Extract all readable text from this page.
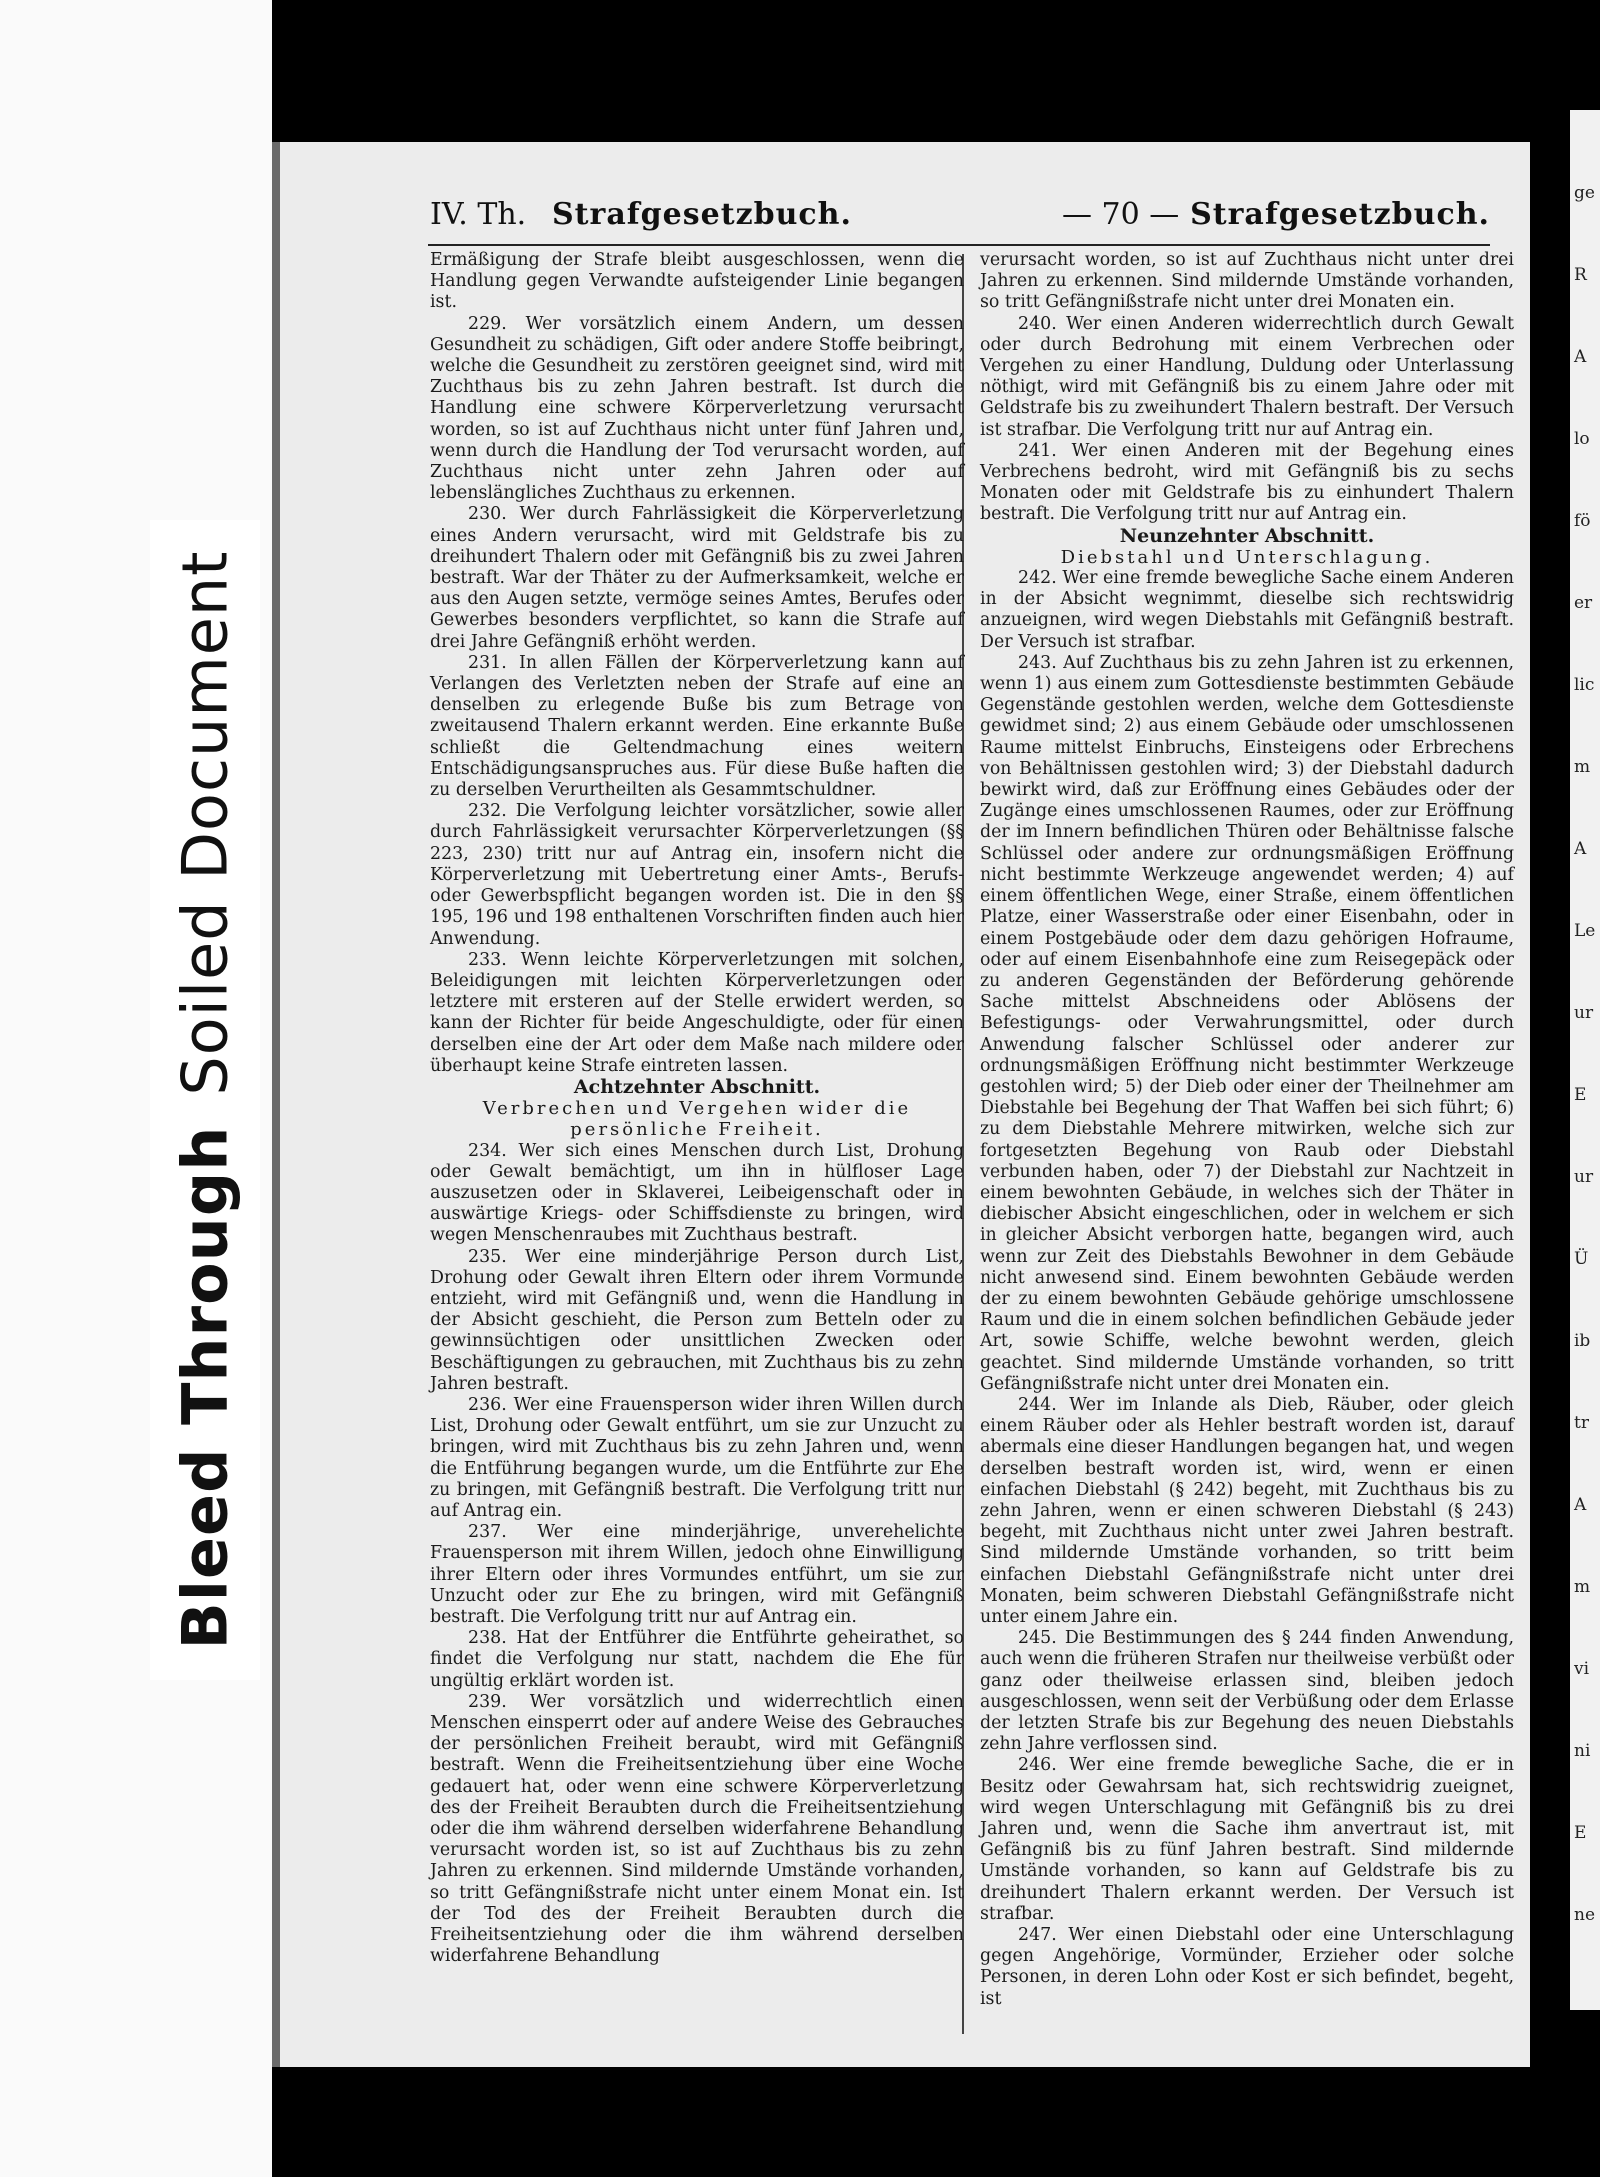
Bleed ThroughSoiled Document
IV. Th. Strafgesetzbuch.	— 70 — Strafgesetzbuch.

Ermäßigung der Strafe bleibt ausgeschlossen, wenn die Handlung gegen Verwandte aufsteigender Linie begangen ist.

229. Wer vorsätzlich einem Andern, um dessen Gesundheit zu schädigen, Gift oder andere Stoffe beibringt, welche die Gesundheit zu zerstören geeignet sind, wird mit Zuchthaus bis zu zehn Jahren bestraft. Ist durch die Handlung eine schwere Körperverletzung verursacht worden, so ist auf Zuchthaus nicht unter fünf Jahren und, wenn durch die Handlung der Tod verursacht worden, auf Zuchthaus nicht unter zehn Jahren oder auf lebenslängliches Zuchthaus zu erkennen.

230. Wer durch Fahrlässigkeit die Körperverletzung eines Andern verursacht, wird mit Geldstrafe bis zu dreihundert Thalern oder mit Gefängniß bis zu zwei Jahren bestraft. War der Thäter zu der Aufmerksamkeit, welche er aus den Augen setzte, vermöge seines Amtes, Berufes oder Gewerbes besonders verpflichtet, so kann die Strafe auf drei Jahre Gefängniß erhöht werden.

231. In allen Fällen der Körperverletzung kann auf Verlangen des Verletzten neben der Strafe auf eine an denselben zu erlegende Buße bis zum Betrage von zweitausend Thalern erkannt werden. Eine erkannte Buße schließt die Geltendmachung eines weitern Entschädigungsanspruches aus. Für diese Buße haften die zu derselben Verurtheilten als Gesammtschuldner.

232. Die Verfolgung leichter vorsätzlicher, sowie aller durch Fahrlässigkeit verursachter Körperverletzungen (§§ 223, 230) tritt nur auf Antrag ein, insofern nicht die Körperverletzung mit Uebertretung einer Amts-, Berufs- oder Gewerbspflicht begangen worden ist. Die in den §§ 195, 196 und 198 enthaltenen Vorschriften finden auch hier Anwendung.

233. Wenn leichte Körperverletzungen mit solchen, Beleidigungen mit leichten Körperverletzungen oder letztere mit ersteren auf der Stelle erwidert werden, so kann der Richter für beide Angeschuldigte, oder für einen derselben eine der Art oder dem Maße nach mildere oder überhaupt keine Strafe eintreten lassen.

Achtzehnter Abschnitt.

Verbrechen und Vergehen wider die persönliche Freiheit.

234. Wer sich eines Menschen durch List, Drohung oder Gewalt bemächtigt, um ihn in hülfloser Lage auszusetzen oder in Sklaverei, Leibeigenschaft oder in auswärtige Kriegs- oder Schiffsdienste zu bringen, wird wegen Menschenraubes mit Zuchthaus bestraft.

235. Wer eine minderjährige Person durch List, Drohung oder Gewalt ihren Eltern oder ihrem Vormunde entzieht, wird mit Gefängniß und, wenn die Handlung in der Absicht geschieht, die Person zum Betteln oder zu gewinnsüchtigen oder unsittlichen Zwecken oder Beschäftigungen zu gebrauchen, mit Zuchthaus bis zu zehn Jahren bestraft.

236. Wer eine Frauensperson wider ihren Willen durch List, Drohung oder Gewalt entführt, um sie zur Unzucht zu bringen, wird mit Zuchthaus bis zu zehn Jahren und, wenn die Entführung begangen wurde, um die Entführte zur Ehe zu bringen, mit Gefängniß bestraft. Die Verfolgung tritt nur auf Antrag ein.

237. Wer eine minderjährige, unverehelichte Frauensperson mit ihrem Willen, jedoch ohne Einwilligung ihrer Eltern oder ihres Vormundes entführt, um sie zur Unzucht oder zur Ehe zu bringen, wird mit Gefängniß bestraft. Die Verfolgung tritt nur auf Antrag ein.

238. Hat der Entführer die Entführte geheirathet, so findet die Verfolgung nur statt, nachdem die Ehe für ungültig erklärt worden ist.

239. Wer vorsätzlich und widerrechtlich einen Menschen einsperrt oder auf andere Weise des Gebrauches der persönlichen Freiheit beraubt, wird mit Gefängniß bestraft. Wenn die Freiheitsentziehung über eine Woche gedauert hat, oder wenn eine schwere Körperverletzung des der Freiheit Beraubten durch die Freiheitsentziehung oder die ihm während derselben widerfahrene Behandlung verursacht worden ist, so ist auf Zuchthaus bis zu zehn Jahren zu erkennen. Sind mildernde Umstände vorhanden, so tritt Gefängnißstrafe nicht unter einem Monat ein. Ist der Tod des der Freiheit Beraubten durch die Freiheitsentziehung oder die ihm während derselben widerfahrene Behandlung

verursacht worden, so ist auf Zuchthaus nicht unter drei Jahren zu erkennen. Sind mildernde Umstände vorhanden, so tritt Gefängnißstrafe nicht unter drei Monaten ein.

240. Wer einen Anderen widerrechtlich durch Gewalt oder durch Bedrohung mit einem Verbrechen oder Vergehen zu einer Handlung, Duldung oder Unterlassung nöthigt, wird mit Gefängniß bis zu einem Jahre oder mit Geldstrafe bis zu zweihundert Thalern bestraft. Der Versuch ist strafbar. Die Verfolgung tritt nur auf Antrag ein.

241. Wer einen Anderen mit der Begehung eines Verbrechens bedroht, wird mit Gefängniß bis zu sechs Monaten oder mit Geldstrafe bis zu einhundert Thalern bestraft. Die Verfolgung tritt nur auf Antrag ein.

Neunzehnter Abschnitt.

Diebstahl und Unterschlagung.

242. Wer eine fremde bewegliche Sache einem Anderen in der Absicht wegnimmt, dieselbe sich rechtswidrig anzueignen, wird wegen Diebstahls mit Gefängniß bestraft. Der Versuch ist strafbar.

243. Auf Zuchthaus bis zu zehn Jahren ist zu erkennen, wenn 1) aus einem zum Gottesdienste bestimmten Gebäude Gegenstände gestohlen werden, welche dem Gottesdienste gewidmet sind; 2) aus einem Gebäude oder umschlossenen Raume mittelst Einbruchs, Einsteigens oder Erbrechens von Behältnissen gestohlen wird; 3) der Diebstahl dadurch bewirkt wird, daß zur Eröffnung eines Gebäudes oder der Zugänge eines umschlossenen Raumes, oder zur Eröffnung der im Innern befindlichen Thüren oder Behältnisse falsche Schlüssel oder andere zur ordnungsmäßigen Eröffnung nicht bestimmte Werkzeuge angewendet werden; 4) auf einem öffentlichen Wege, einer Straße, einem öffentlichen Platze, einer Wasserstraße oder einer Eisenbahn, oder in einem Postgebäude oder dem dazu gehörigen Hofraume, oder auf einem Eisenbahnhofe eine zum Reisegepäck oder zu anderen Gegenständen der Beförderung gehörende Sache mittelst Abschneidens oder Ablösens der Befestigungs- oder Verwahrungsmittel, oder durch Anwendung falscher Schlüssel oder anderer zur ordnungsmäßigen Eröffnung nicht bestimmter Werkzeuge gestohlen wird; 5) der Dieb oder einer der Theilnehmer am Diebstahle bei Begehung der That Waffen bei sich führt; 6) zu dem Diebstahle Mehrere mitwirken, welche sich zur fortgesetzten Begehung von Raub oder Diebstahl verbunden haben, oder 7) der Diebstahl zur Nachtzeit in einem bewohnten Gebäude, in welches sich der Thäter in diebischer Absicht eingeschlichen, oder in welchem er sich in gleicher Absicht verborgen hatte, begangen wird, auch wenn zur Zeit des Diebstahls Bewohner in dem Gebäude nicht anwesend sind. Einem bewohnten Gebäude werden der zu einem bewohnten Gebäude gehörige umschlossene Raum und die in einem solchen befindlichen Gebäude jeder Art, sowie Schiffe, welche bewohnt werden, gleich geachtet. Sind mildernde Umstände vorhanden, so tritt Gefängnißstrafe nicht unter drei Monaten ein.

244. Wer im Inlande als Dieb, Räuber, oder gleich einem Räuber oder als Hehler bestraft worden ist, darauf abermals eine dieser Handlungen begangen hat, und wegen derselben bestraft worden ist, wird, wenn er einen einfachen Diebstahl (§ 242) begeht, mit Zuchthaus bis zu zehn Jahren, wenn er einen schweren Diebstahl (§ 243) begeht, mit Zuchthaus nicht unter zwei Jahren bestraft. Sind mildernde Umstände vorhanden, so tritt beim einfachen Diebstahl Gefängnißstrafe nicht unter drei Monaten, beim schweren Diebstahl Gefängnißstrafe nicht unter einem Jahre ein.

245. Die Bestimmungen des § 244 finden Anwendung, auch wenn die früheren Strafen nur theilweise verbüßt oder ganz oder theilweise erlassen sind, bleiben jedoch ausgeschlossen, wenn seit der Verbüßung oder dem Erlasse der letzten Strafe bis zur Begehung des neuen Diebstahls zehn Jahre verflossen sind.

246. Wer eine fremde bewegliche Sache, die er in Besitz oder Gewahrsam hat, sich rechtswidrig zueignet, wird wegen Unterschlagung mit Gefängniß bis zu drei Jahren und, wenn die Sache ihm anvertraut ist, mit Gefängniß bis zu fünf Jahren bestraft. Sind mildernde Umstände vorhanden, so kann auf Geldstrafe bis zu dreihundert Thalern erkannt werden. Der Versuch ist strafbar.

247. Wer einen Diebstahl oder eine Unterschlagung gegen Angehörige, Vormünder, Erzieher oder solche Personen, in deren Lohn oder Kost er sich befindet, begeht, ist

ge
R
A
lo
fö
er
lic
m
A
Le
ur
E
ur
Ü
ib
tr
A
m
vi
ni
E
ne
